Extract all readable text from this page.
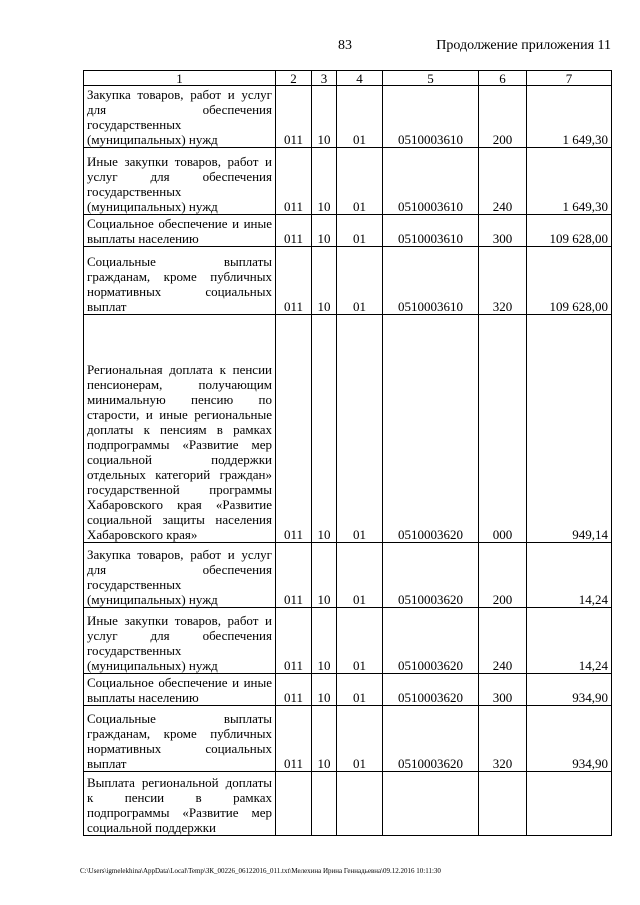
83	Продолжение приложения 11
1	2	3	4	5	6	7
Закупка товаров, работ и услуг для обеспечения государственных (муниципальных) нужд	011	10	01	0510003610	200	1 649,30
Иные закупки товаров, работ и услуг для обеспечения государственных (муниципальных) нужд	011	10	01	0510003610	240	1 649,30
Социальное обеспечение и иные выплаты населению	011	10	01	0510003610	300	109 628,00
Социальные выплаты гражданам, кроме публичных нормативных социальных выплат	011	10	01	0510003610	320	109 628,00
Региональная доплата к пенсии пенсионерам, получающим минимальную пенсию по старости, и иные региональные доплаты к пенсиям в рамках подпрограммы «Развитие мер социальной поддержки отдельных категорий граждан» государственной программы Хабаровского края «Развитие социальной защиты населения Хабаровского края»	011	10	01	0510003620	000	949,14
Закупка товаров, работ и услуг для обеспечения государственных (муниципальных) нужд	011	10	01	0510003620	200	14,24
Иные закупки товаров, работ и услуг для обеспечения государственных (муниципальных) нужд	011	10	01	0510003620	240	14,24
Социальное обеспечение и иные выплаты населению	011	10	01	0510003620	300	934,90
Социальные выплаты гражданам, кроме публичных нормативных социальных выплат	011	10	01	0510003620	320	934,90
Выплата региональной доплаты к пенсии в рамках подпрограммы «Развитие мер социальной поддержки						
C:\Users\igmelekhina\AppData\Local\Temp\ЗК_00226_06122016_011.txt\Мелехина Ирина Геннадьевна\09.12.2016 10:11:30
